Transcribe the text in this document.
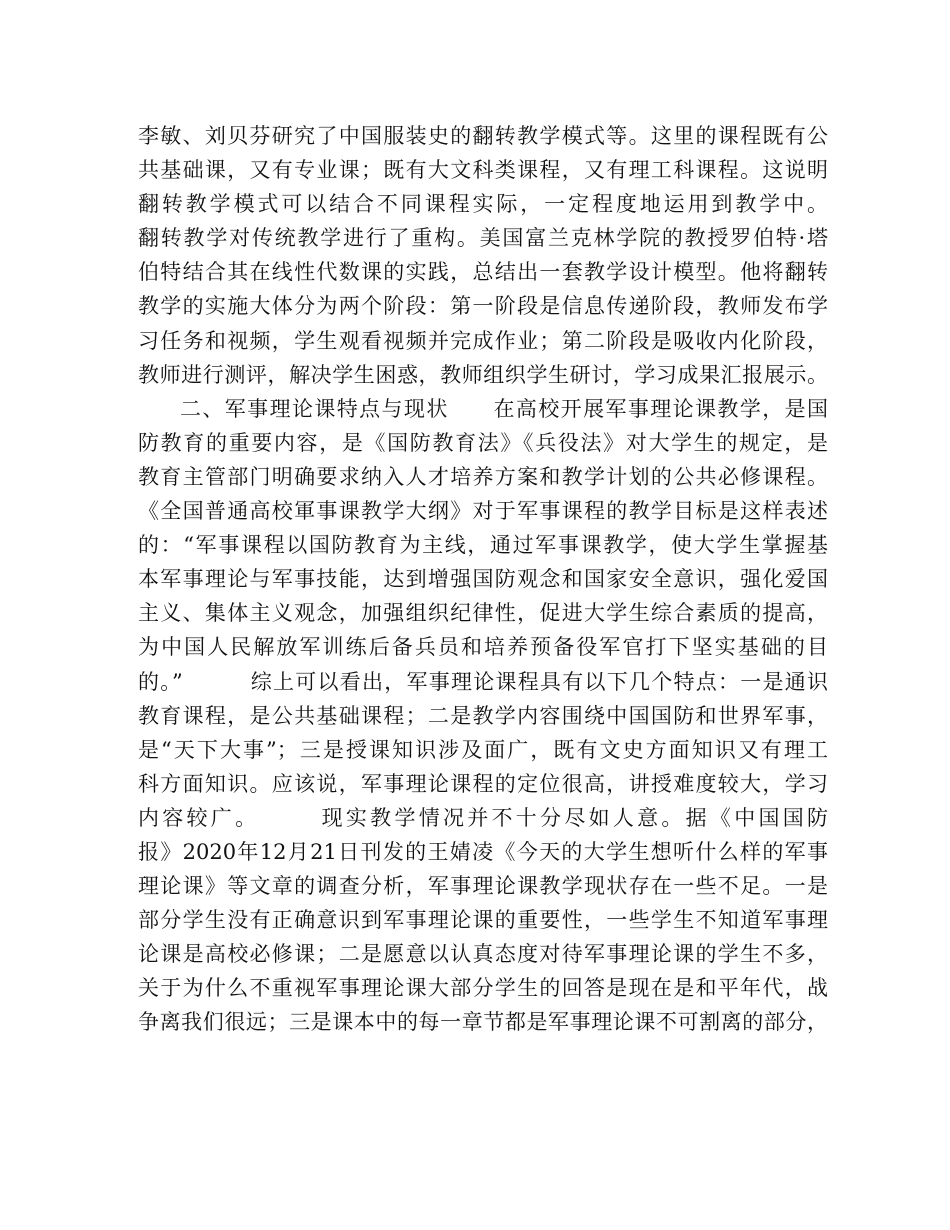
李敏、刘贝芬研究了中国服装史的翻转教学模式等。这里的课程既有公
共基础课，又有专业课；既有大文科类课程，又有理工科课程。这说明
翻转教学模式可以结合不同课程实际，一定程度地运用到教学中。
翻转教学对传统教学进行了重构。美国富兰克林学院的教授罗伯特·塔
伯特结合其在线性代数课的实践，总结出一套教学设计模型。他将翻转
教学的实施大体分为两个阶段：第一阶段是信息传递阶段，教师发布学
习任务和视频，学生观看视频并完成作业；第二阶段是吸收内化阶段，
教师进行测评，解决学生困惑，教师组织学生研讨，学习成果汇报展示。
二、军事理论课特点与现状　　在高校开展军事理论课教学，是国
防教育的重要内容，是《国防教育法》《兵役法》对大学生的规定，是
教育主管部门明确要求纳入人才培养方案和教学计划的公共必修课程。
《全国普通高校軍事课教学大纲》对于军事课程的教学目标是这样表述
的：“军事课程以国防教育为主线，通过军事课教学，使大学生掌握基
本军事理论与军事技能，达到增强国防观念和国家安全意识，强化爱国
主义、集体主义观念，加强组织纪律性，促进大学生综合素质的提高，
为中国人民解放军训练后备兵员和培养预备役军官打下坚实基础的目
的。”　　　综上可以看出，军事理论课程具有以下几个特点：一是通识
教育课程，是公共基础课程；二是教学内容围绕中国国防和世界军事，
是“天下大事”；三是授课知识涉及面广，既有文史方面知识又有理工
科方面知识。应该说，军事理论课程的定位很高，讲授难度较大，学习
内容较广。　　　现实教学情况并不十分尽如人意。据《中国国防
报》2020年12月21日刊发的王婧凌《今天的大学生想听什么样的军事
理论课》等文章的调查分析，军事理论课教学现状存在一些不足。一是
部分学生没有正确意识到军事理论课的重要性，一些学生不知道军事理
论课是高校必修课；二是愿意以认真态度对待军事理论课的学生不多，
关于为什么不重视军事理论课大部分学生的回答是现在是和平年代，战
争离我们很远；三是课本中的每一章节都是军事理论课不可割离的部分，
